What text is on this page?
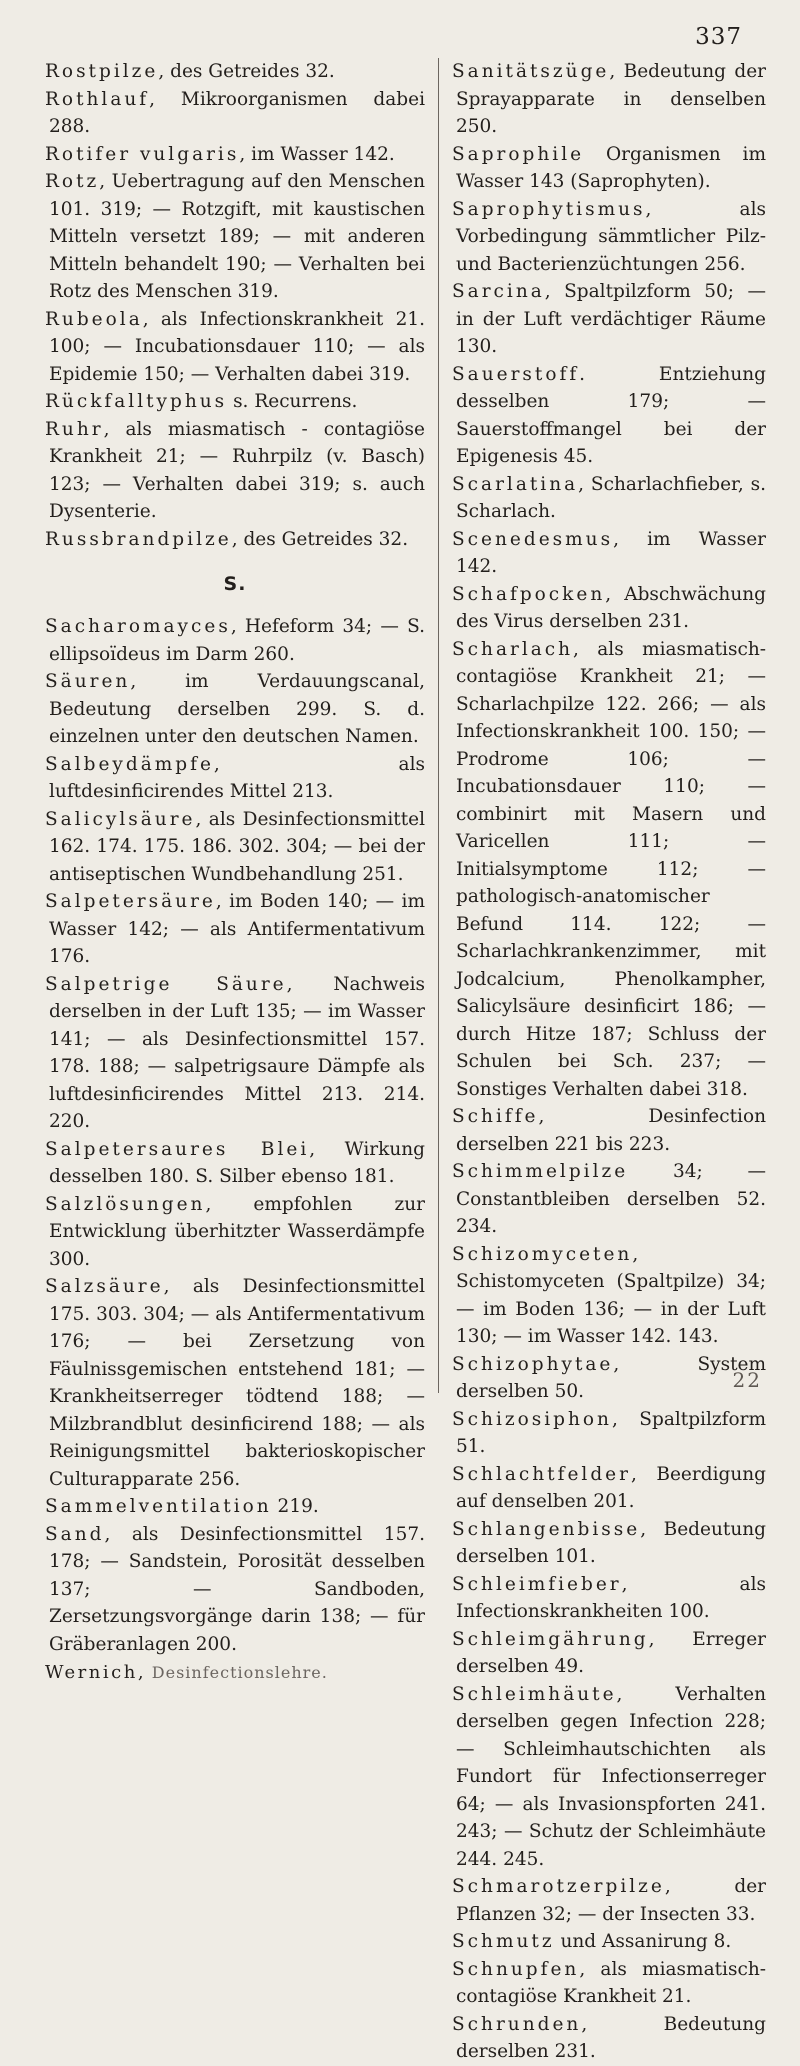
337

Rostpilze, des Getreides 32.

Rothlauf, Mikroorganismen dabei 288.

Rotifer vulgaris, im Wasser 142.

Rotz, Uebertragung auf den Menschen 101. 319; — Rotzgift, mit kaustischen Mitteln versetzt 189; — mit anderen Mitteln behandelt 190; — Verhalten bei Rotz des Menschen 319.

Rubeola, als Infectionskrankheit 21. 100; — Incubationsdauer 110; — als Epidemie 150; — Verhalten dabei 319.

Rückfalltyphus s. Recurrens.

Ruhr, als miasmatisch - contagiöse Krankheit 21; — Ruhrpilz (v. Basch) 123; — Verhalten dabei 319; s. auch Dysenterie.

Russbrandpilze, des Getreides 32.

S.

Sacharomayces, Hefeform 34; — S. ellipsoïdeus im Darm 260.

Säuren, im Verdauungscanal, Bedeutung derselben 299. S. d. einzelnen unter den deutschen Namen.

Salbeydämpfe, als luftdesinficirendes Mittel 213.

Salicylsäure, als Desinfectionsmittel 162. 174. 175. 186. 302. 304; — bei der antiseptischen Wundbehandlung 251.

Salpetersäure, im Boden 140; — im Wasser 142; — als Antifermentativum 176.

Salpetrige Säure, Nachweis derselben in der Luft 135; — im Wasser 141; — als Desinfectionsmittel 157. 178. 188; — salpetrigsaure Dämpfe als luftdesinficirendes Mittel 213. 214. 220.

Salpetersaures Blei, Wirkung desselben 180. S. Silber ebenso 181.

Salzlösungen, empfohlen zur Entwicklung überhitzter Wasserdämpfe 300.

Salzsäure, als Desinfectionsmittel 175. 303. 304; — als Antifermentativum 176; — bei Zersetzung von Fäulnissgemischen entstehend 181; — Krankheitserreger tödtend 188; — Milzbrandblut desinficirend 188; — als Reinigungsmittel bakterioskopischer Culturapparate 256.

Sammelventilation 219.

Sand, als Desinfectionsmittel 157. 178; — Sandstein, Porosität desselben 137; — Sandboden, Zersetzungsvorgänge darin 138; — für Gräberanlagen 200.

Wernich, Desinfectionslehre.

Sanitätszüge, Bedeutung der Sprayapparate in denselben 250.

Saprophile Organismen im Wasser 143 (Saprophyten).

Saprophytismus, als Vorbedingung sämmtlicher Pilz- und Bacterienzüchtungen 256.

Sarcina, Spaltpilzform 50; — in der Luft verdächtiger Räume 130.

Sauerstoff. Entziehung desselben 179; — Sauerstoffmangel bei der Epigenesis 45.

Scarlatina, Scharlachfieber, s. Scharlach.

Scenedesmus, im Wasser 142.

Schafpocken, Abschwächung des Virus derselben 231.

Scharlach, als miasmatisch-contagiöse Krankheit 21; — Scharlachpilze 122. 266; — als Infectionskrankheit 100. 150; — Prodrome 106; — Incubationsdauer 110; — combinirt mit Masern und Varicellen 111; — Initialsymptome 112; — pathologisch-anatomischer Befund 114. 122; — Scharlachkrankenzimmer, mit Jodcalcium, Phenolkampher, Salicylsäure desinficirt 186; — durch Hitze 187; Schluss der Schulen bei Sch. 237; — Sonstiges Verhalten dabei 318.

Schiffe, Desinfection derselben 221 bis 223.

Schimmelpilze 34; — Constantbleiben derselben 52. 234.

Schizomyceten, Schistomyceten (Spaltpilze) 34; — im Boden 136; — in der Luft 130; — im Wasser 142. 143.

Schizophytae, System derselben 50.

Schizosiphon, Spaltpilzform 51.

Schlachtfelder, Beerdigung auf denselben 201.

Schlangenbisse, Bedeutung derselben 101.

Schleimfieber, als Infectionskrankheiten 100.

Schleimgährung, Erreger derselben 49.

Schleimhäute, Verhalten derselben gegen Infection 228; — Schleimhautschichten als Fundort für Infectionserreger 64; — als Invasionspforten 241. 243; — Schutz der Schleimhäute 244. 245.

Schmarotzerpilze, der Pflanzen 32; — der Insecten 33.

Schmutz und Assanirung 8.

Schnupfen, als miasmatisch-contagiöse Krankheit 21.

Schrunden, Bedeutung derselben 231.

22
